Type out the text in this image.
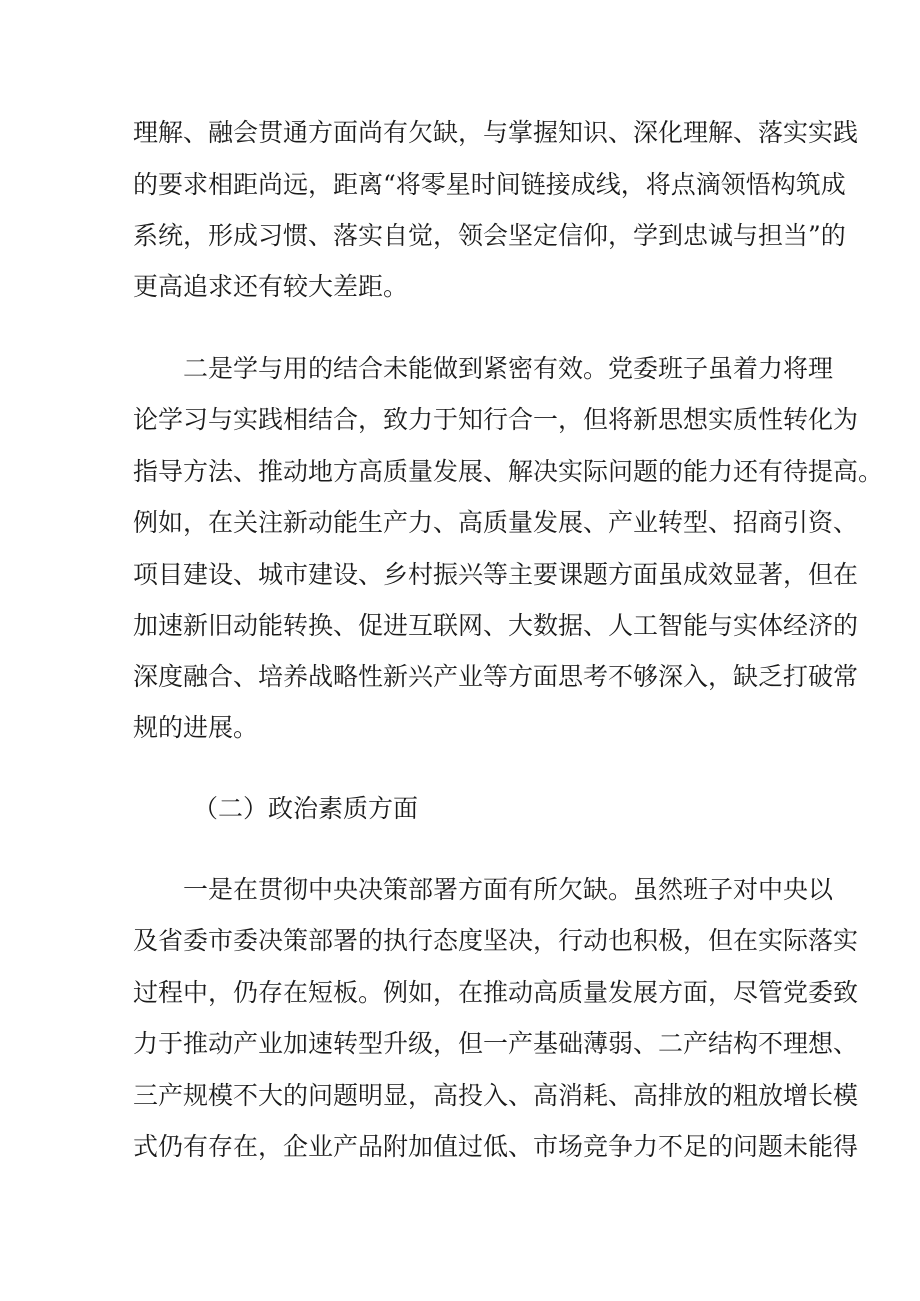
理解、融会贯通方面尚有欠缺，与掌握知识、深化理解、落实实践
的要求相距尚远，距离“将零星时间链接成线，将点滴领悟构筑成
系统，形成习惯、落实自觉，领会坚定信仰，学到忠诚与担当”的
更高追求还有较大差距。
二是学与用的结合未能做到紧密有效。党委班子虽着力将理
论学习与实践相结合，致力于知行合一，但将新思想实质性转化为
指导方法、推动地方高质量发展、解决实际问题的能力还有待提高。
例如，在关注新动能生产力、高质量发展、产业转型、招商引资、
项目建设、城市建设、乡村振兴等主要课题方面虽成效显著，但在
加速新旧动能转换、促进互联网、大数据、人工智能与实体经济的
深度融合、培养战略性新兴产业等方面思考不够深入，缺乏打破常
规的进展。
（二）政治素质方面
一是在贯彻中央决策部署方面有所欠缺。虽然班子对中央以
及省委市委决策部署的执行态度坚决，行动也积极，但在实际落实
过程中，仍存在短板。例如，在推动高质量发展方面，尽管党委致
力于推动产业加速转型升级，但一产基础薄弱、二产结构不理想、
三产规模不大的问题明显，高投入、高消耗、高排放的粗放增长模
式仍有存在，企业产品附加值过低、市场竞争力不足的问题未能得
